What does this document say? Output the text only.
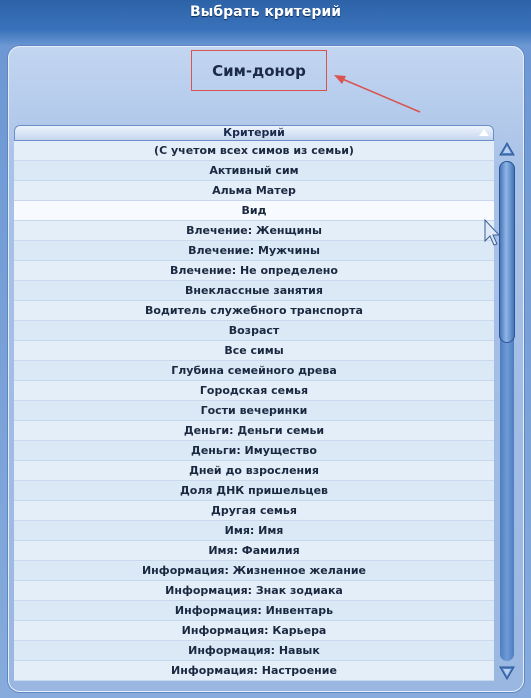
Выбрать критерий
Сим-донор
Критерий
(С учетом всех симов из семьи)
Активный сим
Альма Матер
Вид
Влечение: Женщины
Влечение: Мужчины
Влечение: Не определено
Внеклассные занятия
Водитель служебного транспорта
Возраст
Все симы
Глубина семейного древа
Городская семья
Гости вечеринки
Деньги: Деньги семьи
Деньги: Имущество
Дней до взросления
Доля ДНК пришельцев
Другая семья
Имя: Имя
Имя: Фамилия
Информация: Жизненное желание
Информация: Знак зодиака
Информация: Инвентарь
Информация: Карьера
Информация: Навык
Информация: Настроение
